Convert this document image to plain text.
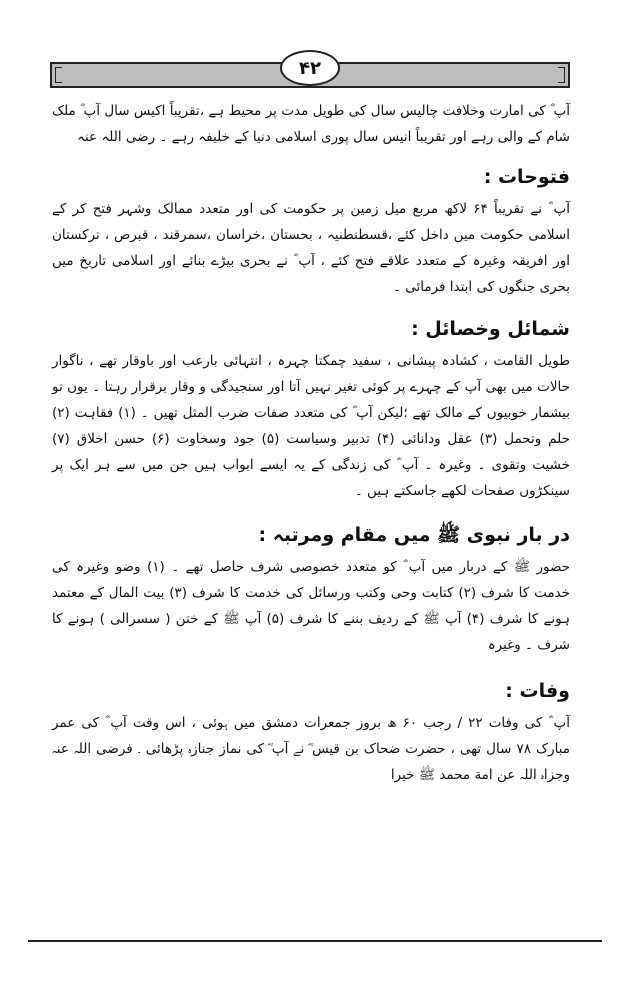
۴۲

آپ ؓ کی امارت وخلافت چالیس سال کی طویل مدت پر محیط ہے ،تقریباً اکیس سال آپ ؓ ملک شام کے والی رہے اور تقریباً انیس سال پوری اسلامی دنیا کے خلیفہ رہے ۔ رضی اللہ عنہ

فتوحات :

آپ ؓ نے تقریباً ۶۴ لاکھ مربع میل زمین پر حکومت کی اور متعدد ممالک وشہر فتح کر کے اسلامی حکومت میں داخل کئے ،قسطنطنیہ ، بحستان ،خراسان ،سمرقند ، قبرص ، ترکستان اور افریقہ وغیرہ کے متعدد علاقے فتح کئے ، آپ ؓ نے بحری بیڑے بنائے اور اسلامی تاریخ میں بحری جنگوں کی ابتدا فرمائی ۔

شمائل وخصائل :

طویل القامت ، کشادہ پیشانی ، سفید چمکتا چہرہ ، انتہائی بارعب اور باوقار تھے ، ناگوار حالات میں بھی آپ کے چہرے پر کوئی تغیر نہیں آتا اور سنجیدگی و وقار برقرار رہتا ۔ یوں تو بیشمار خوبیوں کے مالک تھے ؛لیکن آپ ؓ کی متعدد صفات ضرب المثل تھیں ۔ (۱) فقاہت (۲) حلم وتحمل (۳) عقل ودانائی (۴) تدبیر وسیاست (۵) جود وسخاوت (۶) حسن اخلاق (۷) خشیت وتقوی ۔ وغیرہ ۔ آپ ؓ کی زندگی کے یہ ایسے ابواب ہیں جن میں سے ہر ایک پر سینکڑوں صفحات لکھے جاسکتے ہیں ۔

در بار نبوی ﷺ میں مقام ومرتبہ :

حضور ﷺ کے دربار میں آپ ؓ کو متعدد خصوصی شرف حاصل تھے ۔ (۱) وضو وغیرہ کی خدمت کا شرف (۲) کتابت وحی وکتب ورسائل کی خدمت کا شرف (۳) بیت المال کے معتمد ہونے کا شرف (۴) آپ ﷺ کے ردیف بننے کا شرف (۵) آپ ﷺ کے ختن ( سسرالی ) ہونے کا شرف ۔ وغیرہ

وفات :

آپ ؓ کی وفات ۲۲ / رجب ۶۰ ھ بروز جمعرات دمشق میں ہوئی ، اس وقت آپ ؓ کی عمر مبارک ۷۸ سال تھی ، حضرت ضحاک بن قیس ؓ نے آپ ؓ کی نماز جنازہ پڑھائی ۔ فرضی اللہ عنہ وجزاہ اللہ عن امة محمد ﷺ خیرا
